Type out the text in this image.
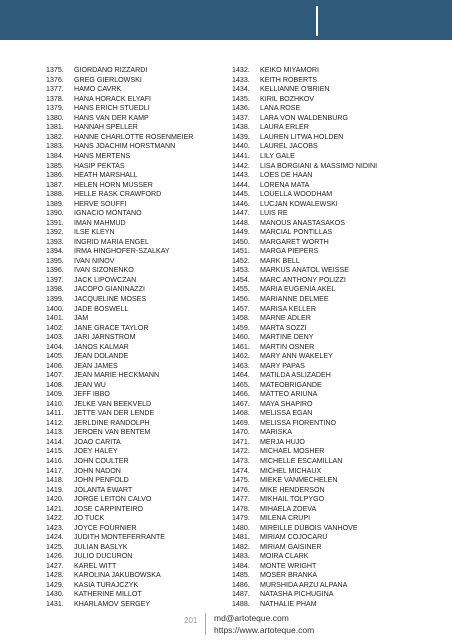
1375.	GIORDANO RIZZARDI
1376.	GREG GIERLOWSKI
1377.	HAMO CAVRK
1378.	HANA HORACK ELYAFI
1379.	HANS ERICH STUEDLI
1380.	HANS VAN DER KAMP
1381.	HANNAH SPELLER
1382.	HANNE CHARLOTTE ROSENMEIER
1383.	HANS JOACHIM HORSTMANN
1384.	HANS MERTENS
1385.	HASIP PEKTAS
1386.	HEATH MARSHALL
1387.	HELEN HORN MUSSER
1388.	HELLE RASK CRAWFORD
1389.	HERVE SOUFFI
1390.	IGNACIO MONTANO
1391.	IMAN MAHMUD
1392.	ILSE KLEYN
1393.	INGRID MARIA ENGEL
1394.	IRMA HINGHOFER-SZALKAY
1395.	IVAN NINOV
1396.	IVAN SIZONENKO
1397.	JACK LIPOWCZAN
1398.	JACOPO GIANINAZZI
1399.	JACQUELINE MOSES
1400.	JADE BOSWELL
1401.	JAM
1402.	JANE GRACE TAYLOR
1403.	JARI JARNSTROM
1404.	JANOS KALMAR
1405.	JEAN DOLANDE
1406.	JEAN JAMES
1407.	JEAN MARIE HECKMANN
1408.	JEAN WU
1409.	JEFF IBBO
1410.	JELKE VAN BEEKVELD
1411.	JETTE VAN DER LENDE
1412.	JERLDINE RANDOLPH
1413.	JEROEN VAN BENTEM
1414.	JOAO CARITA
1415.	JOEY HALEY
1416.	JOHN COULTER
1417.	JOHN NADON
1418.	JOHN PENFOLD
1419.	JOLANTA EWART
1420.	JORGE LEITON CALVO
1421.	JOSE CARPINTEIRO
1422.	JO TUCK
1423.	JOYCE FOURNIER
1424.	JUDITH MONTEFERRANTE
1425.	JULIAN BASLYK
1426.	JULIO DUCURON
1427.	KAREL WITT
1428.	KAROLINA JAKUBOWSKA
1429.	KASIA TURAJCZYK
1430.	KATHERINE MILLOT
1431.	KHARLAMOV SERGEY
1432.	KEIKO MIYAMORI
1433.	KEITH ROBERTS
1434.	KELLIANNE O'BRIEN
1435.	KIRIL BOZHKOV
1436.	LANA ROSE
1437.	LARA VON WALDENBURG
1438.	LAURA ERLER
1439.	LAUREN LITWA HOLDEN
1440.	LAUREL JACOBS
1441.	LILY GALE
1442.	LISA BORGIANI & MASSIMO NIDINI
1443.	LOES DE HAAN
1444.	LORENA MATA
1445.	LOUELLA WOODHAM
1446.	LUCJAN KOWALEWSKI
1447.	LUIS RE
1448.	MANOUS ANASTASAKOS
1449.	MARCIAL PONTILLAS
1450.	MARGARET WORTH
1451.	MARGA PIEPERS
1452.	MARK BELL
1453.	MARKUS ANATOL WEISSE
1454.	MARC ANTHONY POLIZZI
1455.	MARIA EUGENIA AKEL
1456.	MARIANNE DELMEE
1457.	MARISA KELLER
1458.	MARNE ADLER
1459.	MARTA SOZZI
1460.	MARTINE DENY
1461.	MARTIN OSNER
1462.	MARY ANN WAKELEY
1463.	MARY PAPAS
1464.	MATILDA ASLIZADEH
1465.	MATEOBRIGANDE
1466.	MATTEO ARIUNA
1467.	MAYA SHAPIRO
1468.	MELISSA EGAN
1469.	MELISSA FIORENTINO
1470.	MARISKA
1471.	MERJA HUJO
1472.	MICHAEL MOSHER
1473.	MICHELLE ESCAMILLAN
1474.	MICHEL MICHAUX
1475.	MIEKE VANMECHELEN
1476.	MIKE HENDERSON
1477.	MIKHAIL TOLPYGO
1478.	MIHAELA ZOEVA
1479.	MILENA CRUPI
1480.	MIREILLE DUBOIS VANHOVE
1481.	MIRIAM COJOCARU
1482.	MIRIAM GAISINER
1483.	MOIRA CLARK
1484.	MONTE WRIGHT
1485.	MOSER BRANKA
1486.	MURSHIDA ARZU ALPANA
1487.	NATASHA PICHUGINA
1488.	NATHALIE PHAM
201 md@artoteque.com
https://www.artoteque.com
